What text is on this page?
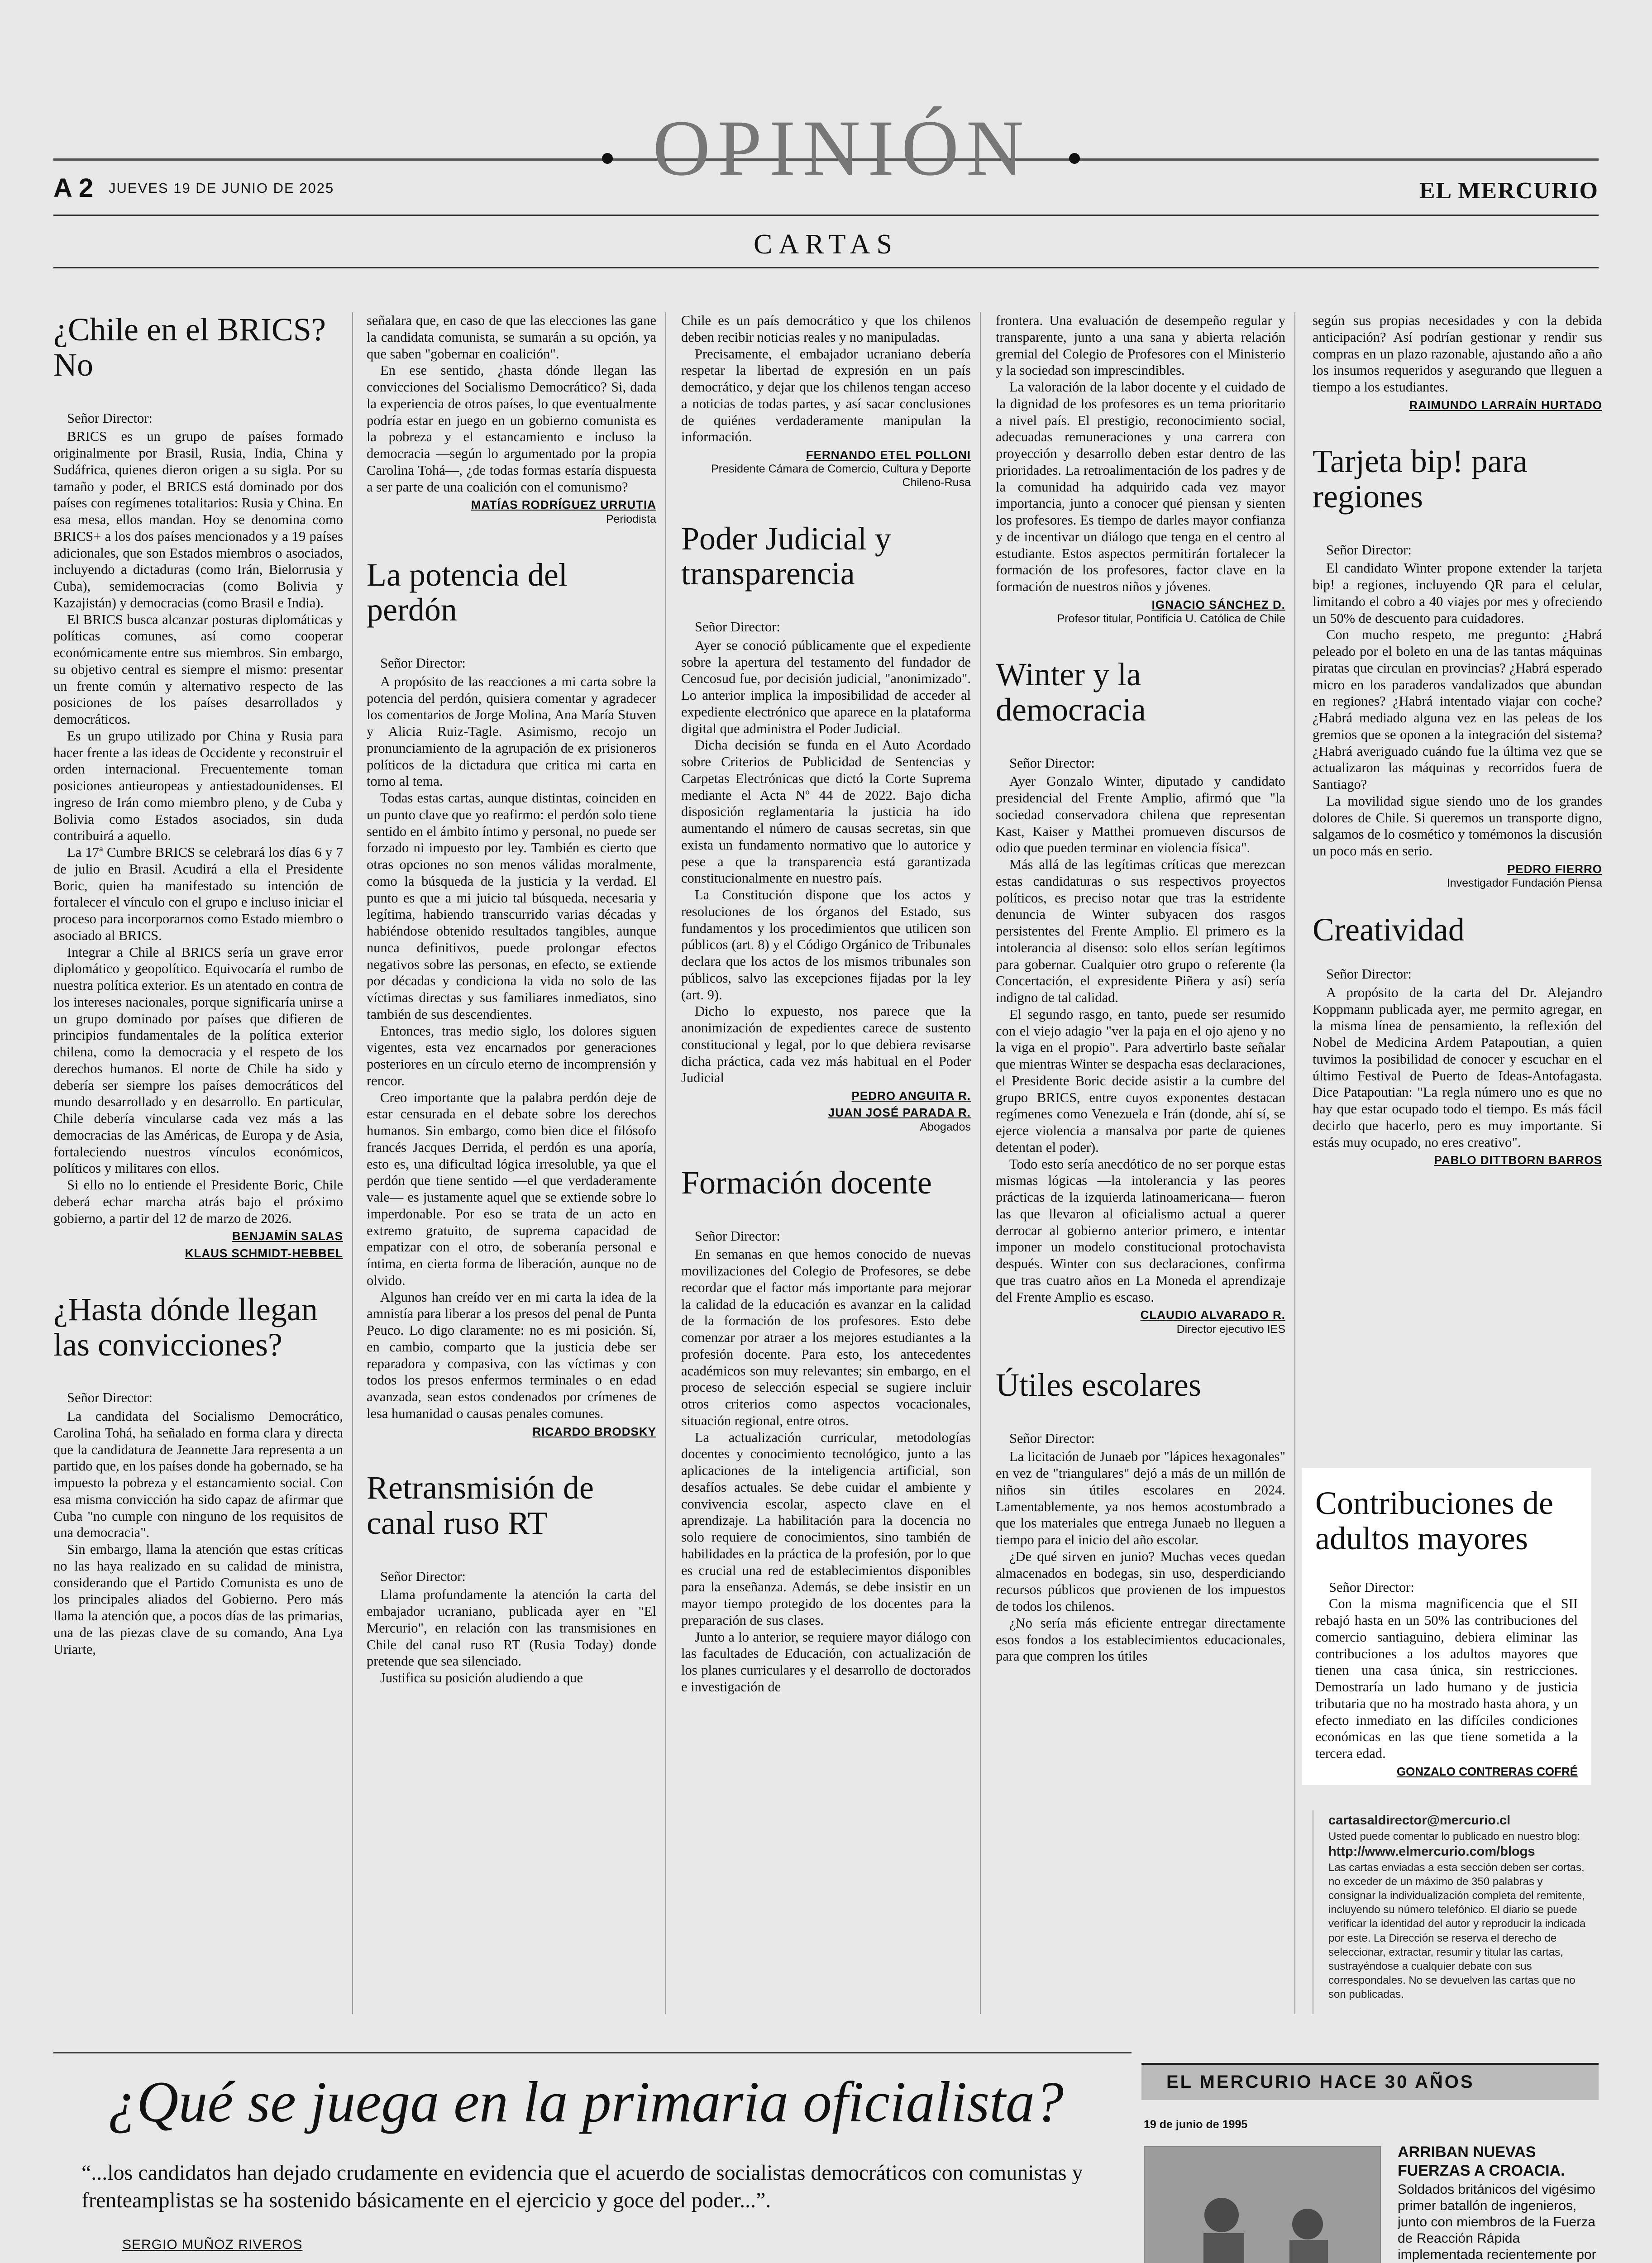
OPINIÓN
A 2 JUEVES 19 DE JUNIO DE 2025	EL MERCURIO
CARTAS
¿Chile en el BRICS? No

Señor Director:

BRICS es un grupo de países formado originalmente por Brasil, Rusia, India, China y Sudáfrica, quienes dieron origen a su sigla. Por su tamaño y poder, el BRICS está dominado por dos países con regímenes totalitarios: Rusia y China. En esa mesa, ellos mandan. Hoy se denomina como BRICS+ a los dos países mencionados y a 19 países adicionales, que son Estados miembros o asociados, incluyendo a dictaduras (como Irán, Bielorrusia y Cuba), semidemocracias (como Bolivia y Kazajistán) y democracias (como Brasil e India).

El BRICS busca alcanzar posturas diplomáticas y políticas comunes, así como cooperar económicamente entre sus miembros. Sin embargo, su objetivo central es siempre el mismo: presentar un frente común y alternativo respecto de las posiciones de los países desarrollados y democráticos.

Es un grupo utilizado por China y Rusia para hacer frente a las ideas de Occidente y reconstruir el orden internacional. Frecuentemente toman posiciones antieuropeas y antiestadounidenses. El ingreso de Irán como miembro pleno, y de Cuba y Bolivia como Estados asociados, sin duda contribuirá a aquello.

La 17ª Cumbre BRICS se celebrará los días 6 y 7 de julio en Brasil. Acudirá a ella el Presidente Boric, quien ha manifestado su intención de fortalecer el vínculo con el grupo e incluso iniciar el proceso para incorporarnos como Estado miembro o asociado al BRICS.

Integrar a Chile al BRICS sería un grave error diplomático y geopolítico. Equivocaría el rumbo de nuestra política exterior. Es un atentado en contra de los intereses nacionales, porque significaría unirse a un grupo dominado por países que difieren de principios fundamentales de la política exterior chilena, como la democracia y el respeto de los derechos humanos. El norte de Chile ha sido y debería ser siempre los países democráticos del mundo desarrollado y en desarrollo. En particular, Chile debería vincularse cada vez más a las democracias de las Américas, de Europa y de Asia, fortaleciendo nuestros vínculos económicos, políticos y militares con ellos.

Si ello no lo entiende el Presidente Boric, Chile deberá echar marcha atrás bajo el próximo gobierno, a partir del 12 de marzo de 2026.

BENJAMÍN SALAS
KLAUS SCHMIDT-HEBBEL
¿Hasta dónde llegan las convicciones?

Señor Director:

La candidata del Socialismo Democrático, Carolina Tohá, ha señalado en forma clara y directa que la candidatura de Jeannette Jara representa a un partido que, en los países donde ha gobernado, se ha impuesto la pobreza y el estancamiento social. Con esa misma convicción ha sido capaz de afirmar que Cuba "no cumple con ninguno de los requisitos de una democracia".

Sin embargo, llama la atención que estas críticas no las haya realizado en su calidad de ministra, considerando que el Partido Comunista es uno de los principales aliados del Gobierno. Pero más llama la atención que, a pocos días de las primarias, una de las piezas clave de su comando, Ana Lya Uriarte,

señalara que, en caso de que las elecciones las gane la candidata comunista, se sumarán a su opción, ya que saben "gobernar en coalición".

En ese sentido, ¿hasta dónde llegan las convicciones del Socialismo Democrático? Si, dada la experiencia de otros países, lo que eventualmente podría estar en juego en un gobierno comunista es la pobreza y el estancamiento e incluso la democracia —según lo argumentado por la propia Carolina Tohá—, ¿de todas formas estaría dispuesta a ser parte de una coalición con el comunismo?

MATÍAS RODRÍGUEZ URRUTIA
Periodista
La potencia del perdón

Señor Director:

A propósito de las reacciones a mi carta sobre la potencia del perdón, quisiera comentar y agradecer los comentarios de Jorge Molina, Ana María Stuven y Alicia Ruiz-Tagle. Asimismo, recojo un pronunciamiento de la agrupación de ex prisioneros políticos de la dictadura que critica mi carta en torno al tema.

Todas estas cartas, aunque distintas, coinciden en un punto clave que yo reafirmo: el perdón solo tiene sentido en el ámbito íntimo y personal, no puede ser forzado ni impuesto por ley. También es cierto que otras opciones no son menos válidas moralmente, como la búsqueda de la justicia y la verdad. El punto es que a mi juicio tal búsqueda, necesaria y legítima, habiendo transcurrido varias décadas y habiéndose obtenido resultados tangibles, aunque nunca definitivos, puede prolongar efectos negativos sobre las personas, en efecto, se extiende por décadas y condiciona la vida no solo de las víctimas directas y sus familiares inmediatos, sino también de sus descendientes.

Entonces, tras medio siglo, los dolores siguen vigentes, esta vez encarnados por generaciones posteriores en un círculo eterno de incomprensión y rencor.

Creo importante que la palabra perdón deje de estar censurada en el debate sobre los derechos humanos. Sin embargo, como bien dice el filósofo francés Jacques Derrida, el perdón es una aporía, esto es, una dificultad lógica irresoluble, ya que el perdón que tiene sentido —el que verdaderamente vale— es justamente aquel que se extiende sobre lo imperdonable. Por eso se trata de un acto en extremo gratuito, de suprema capacidad de empatizar con el otro, de soberanía personal e íntima, en cierta forma de liberación, aunque no de olvido.

Algunos han creído ver en mi carta la idea de la amnistía para liberar a los presos del penal de Punta Peuco. Lo digo claramente: no es mi posición. Sí, en cambio, comparto que la justicia debe ser reparadora y compasiva, con las víctimas y con todos los presos enfermos terminales o en edad avanzada, sean estos condenados por crímenes de lesa humanidad o causas penales comunes.

RICARDO BRODSKY
Retransmisión de canal ruso RT

Señor Director:

Llama profundamente la atención la carta del embajador ucraniano, publicada ayer en "El Mercurio", en relación con las transmisiones en Chile del canal ruso RT (Rusia Today) donde pretende que sea silenciado.

Justifica su posición aludiendo a que

Chile es un país democrático y que los chilenos deben recibir noticias reales y no manipuladas.

Precisamente, el embajador ucraniano debería respetar la libertad de expresión en un país democrático, y dejar que los chilenos tengan acceso a noticias de todas partes, y así sacar conclusiones de quiénes verdaderamente manipulan la información.

FERNANDO ETEL POLLONI
Presidente Cámara de Comercio, Cultura y Deporte Chileno-Rusa
Poder Judicial y transparencia

Señor Director:

Ayer se conoció públicamente que el expediente sobre la apertura del testamento del fundador de Cencosud fue, por decisión judicial, "anonimizado". Lo anterior implica la imposibilidad de acceder al expediente electrónico que aparece en la plataforma digital que administra el Poder Judicial.

Dicha decisión se funda en el Auto Acordado sobre Criterios de Publicidad de Sentencias y Carpetas Electrónicas que dictó la Corte Suprema mediante el Acta Nº 44 de 2022. Bajo dicha disposición reglamentaria la justicia ha ido aumentando el número de causas secretas, sin que exista un fundamento normativo que lo autorice y pese a que la transparencia está garantizada constitucionalmente en nuestro país.

La Constitución dispone que los actos y resoluciones de los órganos del Estado, sus fundamentos y los procedimientos que utilicen son públicos (art. 8) y el Código Orgánico de Tribunales declara que los actos de los mismos tribunales son públicos, salvo las excepciones fijadas por la ley (art. 9).

Dicho lo expuesto, nos parece que la anonimización de expedientes carece de sustento constitucional y legal, por lo que debiera revisarse dicha práctica, cada vez más habitual en el Poder Judicial

PEDRO ANGUITA R.
JUAN JOSÉ PARADA R.
Abogados
Formación docente

Señor Director:

En semanas en que hemos conocido de nuevas movilizaciones del Colegio de Profesores, se debe recordar que el factor más importante para mejorar la calidad de la educación es avanzar en la calidad de la formación de los profesores. Esto debe comenzar por atraer a los mejores estudiantes a la profesión docente. Para esto, los antecedentes académicos son muy relevantes; sin embargo, en el proceso de selección especial se sugiere incluir otros criterios como aspectos vocacionales, situación regional, entre otros.

La actualización curricular, metodologías docentes y conocimiento tecnológico, junto a las aplicaciones de la inteligencia artificial, son desafíos actuales. Se debe cuidar el ambiente y convivencia escolar, aspecto clave en el aprendizaje. La habilitación para la docencia no solo requiere de conocimientos, sino también de habilidades en la práctica de la profesión, por lo que es crucial una red de establecimientos disponibles para la enseñanza. Además, se debe insistir en un mayor tiempo protegido de los docentes para la preparación de sus clases.

Junto a lo anterior, se requiere mayor diálogo con las facultades de Educación, con actualización de los planes curriculares y el desarrollo de doctorados e investigación de

frontera. Una evaluación de desempeño regular y transparente, junto a una sana y abierta relación gremial del Colegio de Profesores con el Ministerio y la sociedad son imprescindibles.

La valoración de la labor docente y el cuidado de la dignidad de los profesores es un tema prioritario a nivel país. El prestigio, reconocimiento social, adecuadas remuneraciones y una carrera con proyección y desarrollo deben estar dentro de las prioridades. La retroalimentación de los padres y de la comunidad ha adquirido cada vez mayor importancia, junto a conocer qué piensan y sienten los profesores. Es tiempo de darles mayor confianza y de incentivar un diálogo que tenga en el centro al estudiante. Estos aspectos permitirán fortalecer la formación de los profesores, factor clave en la formación de nuestros niños y jóvenes.

IGNACIO SÁNCHEZ D.
Profesor titular, Pontificia U. Católica de Chile
Winter y la democracia

Señor Director:

Ayer Gonzalo Winter, diputado y candidato presidencial del Frente Amplio, afirmó que "la sociedad conservadora chilena que representan Kast, Kaiser y Matthei promueven discursos de odio que pueden terminar en violencia física".

Más allá de las legítimas críticas que merezcan estas candidaturas o sus respectivos proyectos políticos, es preciso notar que tras la estridente denuncia de Winter subyacen dos rasgos persistentes del Frente Amplio. El primero es la intolerancia al disenso: solo ellos serían legítimos para gobernar. Cualquier otro grupo o referente (la Concertación, el expresidente Piñera y así) sería indigno de tal calidad.

El segundo rasgo, en tanto, puede ser resumido con el viejo adagio "ver la paja en el ojo ajeno y no la viga en el propio". Para advertirlo baste señalar que mientras Winter se despacha esas declaraciones, el Presidente Boric decide asistir a la cumbre del grupo BRICS, entre cuyos exponentes destacan regímenes como Venezuela e Irán (donde, ahí sí, se ejerce violencia a mansalva por parte de quienes detentan el poder).

Todo esto sería anecdótico de no ser porque estas mismas lógicas —la intolerancia y las peores prácticas de la izquierda latinoamericana— fueron las que llevaron al oficialismo actual a querer derrocar al gobierno anterior primero, e intentar imponer un modelo constitucional protochavista después. Winter con sus declaraciones, confirma que tras cuatro años en La Moneda el aprendizaje del Frente Amplio es escaso.

CLAUDIO ALVARADO R.
Director ejecutivo IES
Útiles escolares

Señor Director:

La licitación de Junaeb por "lápices hexagonales" en vez de "triangulares" dejó a más de un millón de niños sin útiles escolares en 2024. Lamentablemente, ya nos hemos acostumbrado a que los materiales que entrega Junaeb no lleguen a tiempo para el inicio del año escolar.

¿De qué sirven en junio? Muchas veces quedan almacenados en bodegas, sin uso, desperdiciando recursos públicos que provienen de los impuestos de todos los chilenos.

¿No sería más eficiente entregar directamente esos fondos a los establecimientos educacionales, para que compren los útiles

según sus propias necesidades y con la debida anticipación? Así podrían gestionar y rendir sus compras en un plazo razonable, ajustando año a año los insumos requeridos y asegurando que lleguen a tiempo a los estudiantes.

RAIMUNDO LARRAÍN HURTADO
Tarjeta bip! para regiones

Señor Director:

El candidato Winter propone extender la tarjeta bip! a regiones, incluyendo QR para el celular, limitando el cobro a 40 viajes por mes y ofreciendo un 50% de descuento para cuidadores.

Con mucho respeto, me pregunto: ¿Habrá peleado por el boleto en una de las tantas máquinas piratas que circulan en provincias? ¿Habrá esperado micro en los paraderos vandalizados que abundan en regiones? ¿Habrá intentado viajar con coche? ¿Habrá mediado alguna vez en las peleas de los gremios que se oponen a la integración del sistema? ¿Habrá averiguado cuándo fue la última vez que se actualizaron las máquinas y recorridos fuera de Santiago?

La movilidad sigue siendo uno de los grandes dolores de Chile. Si queremos un transporte digno, salgamos de lo cosmético y tomémonos la discusión un poco más en serio.

PEDRO FIERRO
Investigador Fundación Piensa
Creatividad

Señor Director:

A propósito de la carta del Dr. Alejandro Koppmann publicada ayer, me permito agregar, en la misma línea de pensamiento, la reflexión del Nobel de Medicina Ardem Patapoutian, a quien tuvimos la posibilidad de conocer y escuchar en el último Festival de Puerto de Ideas-Antofagasta. Dice Patapoutian: "La regla número uno es que no hay que estar ocupado todo el tiempo. Es más fácil decirlo que hacerlo, pero es muy importante. Si estás muy ocupado, no eres creativo".

PABLO DITTBORN BARROS
Contribuciones de adultos mayores
Señor Director:
Con la misma magnificencia que el SII rebajó hasta en un 50% las contribuciones del comercio santiaguino, debiera eliminar las contribuciones a los adultos mayores que tienen una casa única, sin restricciones. Demostraría un lado humano y de justicia tributaria que no ha mostrado hasta ahora, y un efecto inmediato en las difíciles condiciones económicas en las que tiene sometida a la tercera edad.
GONZALO CONTRERAS COFRÉ
cartasaldirector@mercurio.cl
Usted puede comentar lo publicado en nuestro blog:
http://www.elmercurio.com/blogs
Las cartas enviadas a esta sección deben ser cortas, no exceder de un máximo de 350 palabras y consignar la individualización completa del remitente, incluyendo su número telefónico. El diario se puede verificar la identidad del autor y reproducir la indicada por este. La Dirección se reserva el derecho de seleccionar, extractar, resumir y titular las cartas, sustrayéndose a cualquier debate con sus correspondales. No se devuelven las cartas que no son publicadas.
¿Qué se juega en la primaria oficialista?
“...los candidatos han dejado crudamente en evidencia que el acuerdo de socialistas democráticos con comunistas y frenteamplistas se ha sostenido básicamente en el ejercicio y goce del poder...”.
SERGIO MUÑOZ RIVEROS

EL MERCURIO HACE 30 AÑOS
19 de junio de 1995
ARRIBAN NUEVAS FUERZAS A CROACIA.
Soldados británicos del vigésimo primer batallón de ingenieros, junto con miembros de la Fuerza de Reacción Rápida implementada recientemente por
